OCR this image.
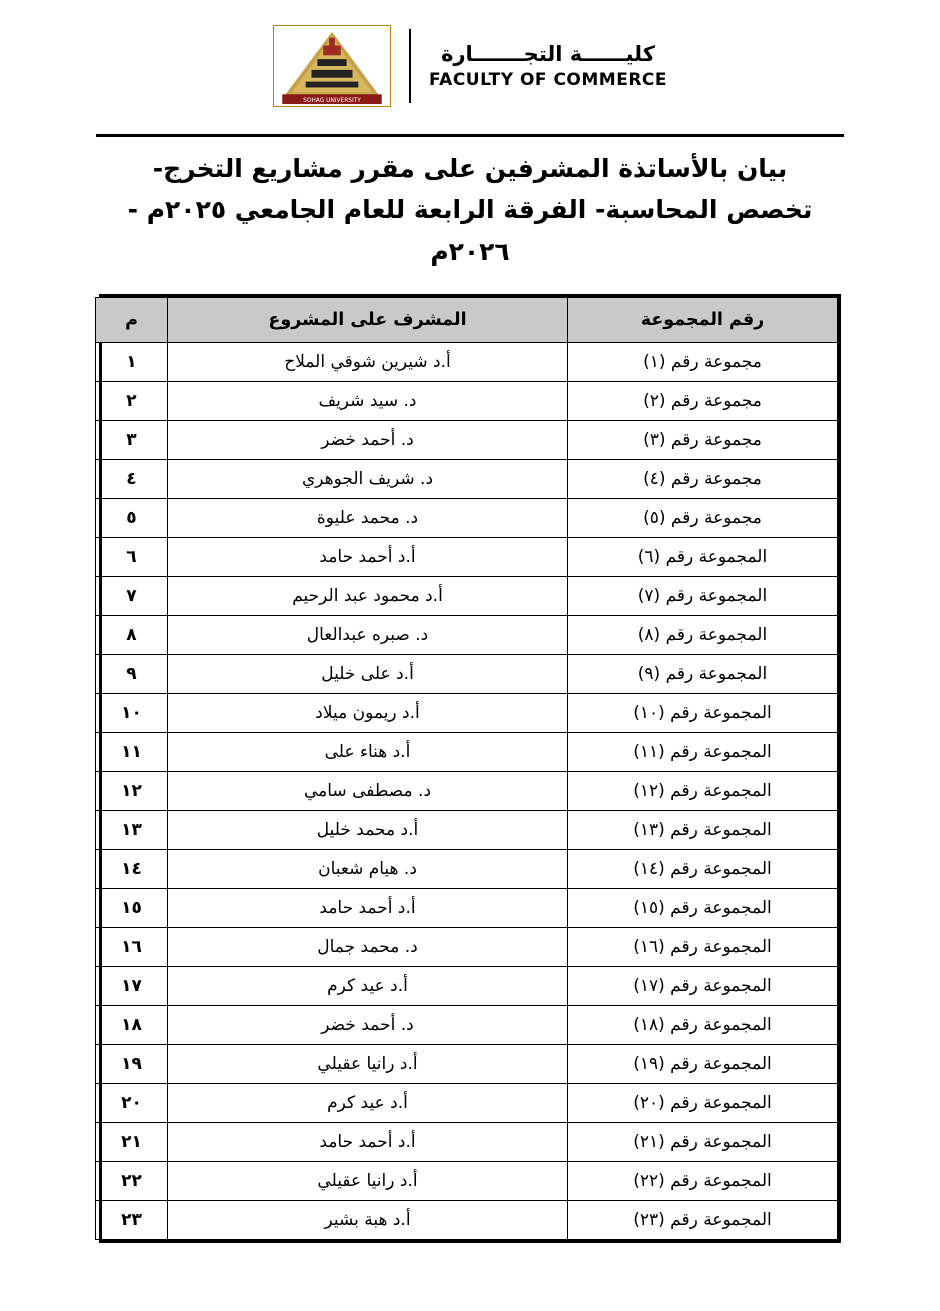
SOHAG UNIVERSITY
كليــــــة التجـــــــارة
FACULTY OF COMMERCE
بيان بالأساتذة المشرفين على مقرر مشاريع التخرج- تخصص المحاسبة- الفرقة الرابعة للعام الجامعي ٢٠٢٥م - ٢٠٢٦م
رقم المجموعة	المشرف على المشروع	م
مجموعة رقم (١)	أ.د شيرين شوقي الملاح	١
مجموعة رقم (٢)	د. سيد شريف	٢
مجموعة رقم (٣)	د. أحمد خضر	٣
مجموعة رقم (٤)	د. شريف الجوهري	٤
مجموعة رقم (٥)	د. محمد عليوة	٥
المجموعة رقم (٦)	أ.د أحمد حامد	٦
المجموعة رقم (٧)	أ.د محمود عبد الرحيم	٧
المجموعة رقم (٨)	د. صبره عبدالعال	٨
المجموعة رقم (٩)	أ.د على خليل	٩
المجموعة رقم (١٠)	أ.د ريمون ميلاد	١٠
المجموعة رقم (١١)	أ.د هناء على	١١
المجموعة رقم (١٢)	د. مصطفى سامي	١٢
المجموعة رقم (١٣)	أ.د محمد خليل	١٣
المجموعة رقم (١٤)	د. هيام شعبان	١٤
المجموعة رقم (١٥)	أ.د أحمد حامد	١٥
المجموعة رقم (١٦)	د. محمد جمال	١٦
المجموعة رقم (١٧)	أ.د عيد كرم	١٧
المجموعة رقم (١٨)	د. أحمد خضر	١٨
المجموعة رقم (١٩)	أ.د رانيا عقيلي	١٩
المجموعة رقم (٢٠)	أ.د عيد كرم	٢٠
المجموعة رقم (٢١)	أ.د أحمد حامد	٢١
المجموعة رقم (٢٢)	أ.د رانيا عقيلي	٢٢
المجموعة رقم (٢٣)	أ.د هبة بشير	٢٣
